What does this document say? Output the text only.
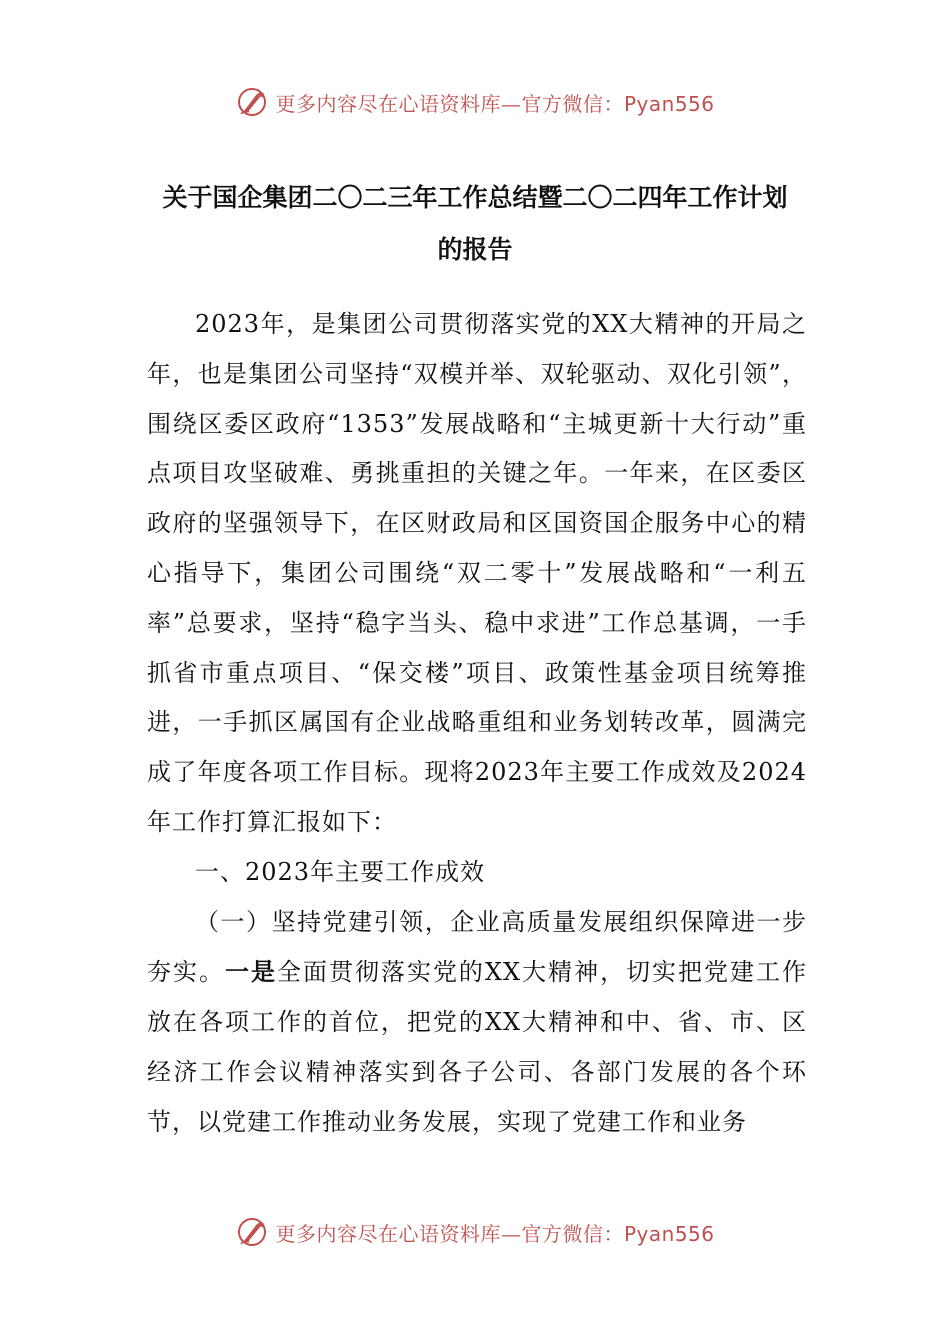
更多内容尽在心语资料库—官方微信：Pyan556
关于国企集团二〇二三年工作总结暨二〇二四年工作计划
的报告

2023年，是集团公司贯彻落实党的XX大精神的开局之年，也是集团公司坚持“双模并举、双轮驱动、双化引领”，围绕区委区政府“1353”发展战略和“主城更新十大行动”重点项目攻坚破难、勇挑重担的关键之年。一年来，在区委区政府的坚强领导下，在区财政局和区国资国企服务中心的精心指导下，集团公司围绕“双二零十”发展战略和“一利五率”总要求，坚持“稳字当头、稳中求进”工作总基调，一手抓省市重点项目、“保交楼”项目、政策性基金项目统筹推进，一手抓区属国有企业战略重组和业务划转改革，圆满完成了年度各项工作目标。现将2023年主要工作成效及2024年工作打算汇报如下：

一、2023年主要工作成效

（一）坚持党建引领，企业高质量发展组织保障进一步夯实。一是全面贯彻落实党的XX大精神，切实把党建工作放在各项工作的首位，把党的XX大精神和中、省、市、区经济工作会议精神落实到各子公司、各部门发展的各个环节，以党建工作推动业务发展，实现了党建工作和业务

更多内容尽在心语资料库—官方微信：Pyan556
